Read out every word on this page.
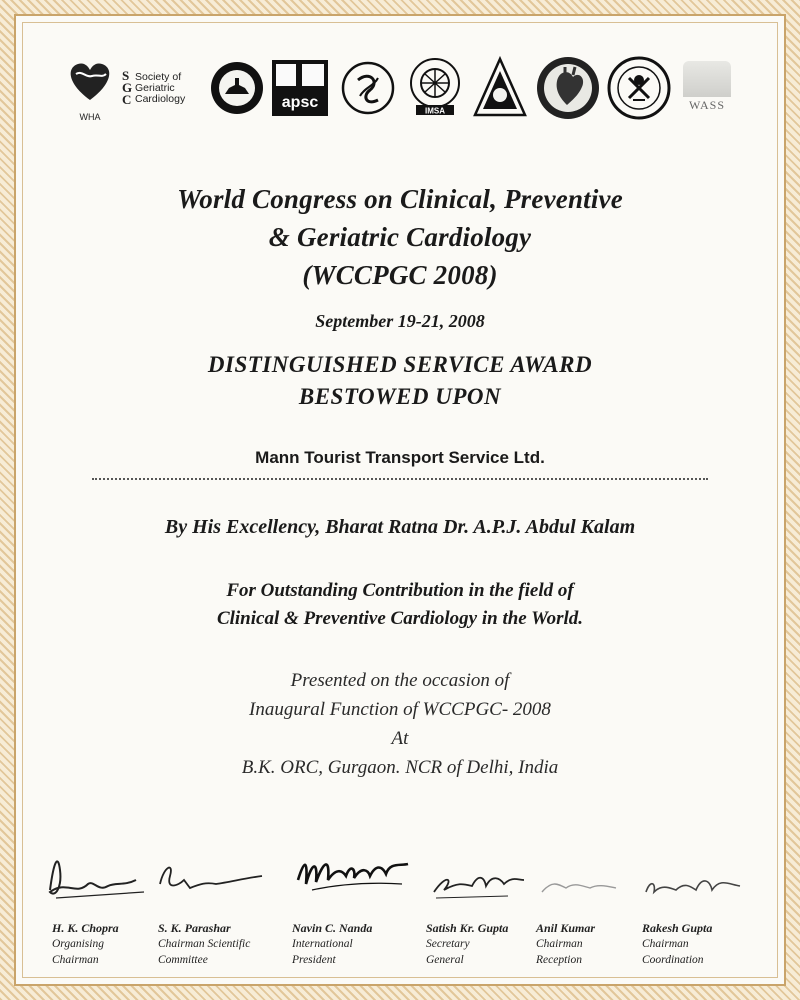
WHA
S
G
C
Society of
Geriatric
Cardiology	apsc	IMSA	WASS
World Congress on Clinical, Preventive
& Geriatric Cardiology
(WCCPGC 2008)
September 19-21, 2008
DISTINGUISHED SERVICE AWARD
BESTOWED UPON
Mann Tourist Transport Service Ltd.
By His Excellency, Bharat Ratna Dr. A.P.J. Abdul Kalam
For Outstanding Contribution in the field of
Clinical & Preventive Cardiology in the World.
Presented on the occasion of
Inaugural Function of WCCPGC- 2008
At
B.K. ORC, Gurgaon. NCR of Delhi, India
H. K. Chopra
Organising
Chairman
S. K. Parashar
Chairman Scientific
Committee
Navin C. Nanda
International
President
Satish Kr. Gupta
Secretary
General
Anil Kumar
Chairman
Reception
Rakesh Gupta
Chairman
Coordination
